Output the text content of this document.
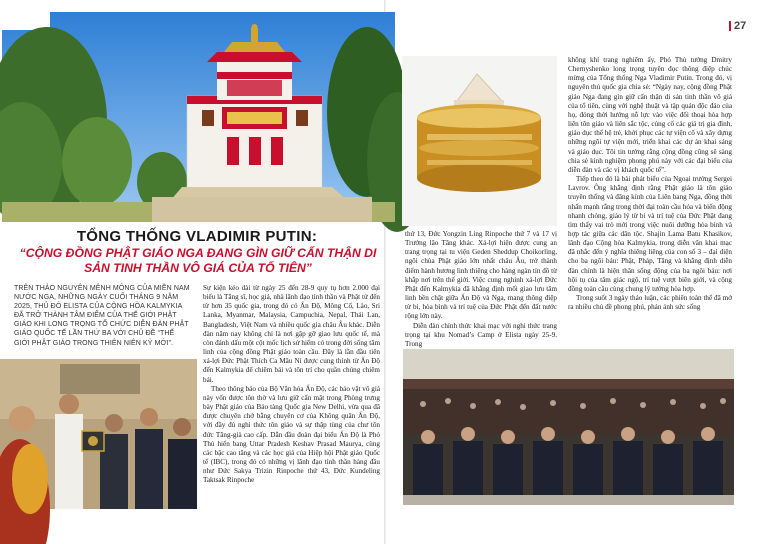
27
TỔNG THỐNG VLADIMIR PUTIN:
“CỘNG ĐỒNG PHẬT GIÁO NGA ĐANG GÌN GIỮ CẨN THẬN DI SẢN TINH THẦN VÔ GIÁ CỦA TỔ TIÊN”
TRÊN THẢO NGUYÊN MÊNH MÔNG CỦA MIỀN NAM NƯỚC NGA, NHỮNG NGÀY CUỐI THÁNG 9 NĂM 2025, THỦ ĐÔ ELISTA CỦA CỘNG HÒA KALMYKIA ĐÃ TRỞ THÀNH TÂM ĐIỂM CỦA THẾ GIỚI PHẬT GIÁO KHI LONG TRỌNG TỔ CHỨC DIỄN ĐÀN PHẬT GIÁO QUỐC TẾ LẦN THỨ BA VỚI CHỦ ĐỀ “THẾ GIỚI PHẬT GIÁO TRONG THIÊN NIÊN KỶ MỚI”.

Sự kiện kéo dài từ ngày 25 đến 28-9 quy tụ hơn 2.000 đại biểu là Tăng sĩ, học giả, nhà lãnh đạo tinh thần và Phật tử đến từ hơn 35 quốc gia, trong đó có Ấn Độ, Mông Cổ, Lào, Sri Lanka, Myanmar, Malaysia, Campuchia, Nepal, Thái Lan, Bangladesh, Việt Nam và nhiều quốc gia châu Âu khác. Diễn đàn năm nay không chỉ là nơi gặp gỡ giao lưu quốc tế, mà còn đánh dấu một cột mốc lịch sử hiếm có trong đời sống tâm linh của cộng đồng Phật giáo toàn cầu. Đây là lần đầu tiên xá-lợi Đức Phật Thích Ca Mâu Ni được cung thỉnh từ Ấn Độ đến Kalmykia để chiêm bái và tôn trí cho quần chúng chiêm bái.

Theo thông báo của Bộ Văn hóa Ấn Độ, các bảo vật vô giá này vốn được tôn thờ và lưu giữ cẩn mật trong Phòng trưng bày Phật giáo của Bảo tàng Quốc gia New Delhi, vừa qua đã được chuyên chở bằng chuyên cơ của Không quân Ấn Độ, với đầy đủ nghi thức tôn giáo và sự thập tùng của chư tôn đức Tăng-già cao cấp. Dẫn đầu đoàn đại biểu Ấn Độ là Phó Thủ hiến bang Uttar Pradesh Keshav Prasad Maurya, cùng các bậc cao tăng và các học giả của Hiệp hội Phật giáo Quốc tế (IBC), trong đó có những vị lãnh đạo tinh thần hàng đầu như Đức Sakya Trizin Rinpoche thứ 43, Đức Kundeling Taktsak Rinpoche

thứ 13, Đức Yongzin Ling Rinpoche thứ 7 và 17 vị Trưởng lão Tăng khác. Xá-lợi hiện được cung an trang trọng tại tu viện Geden Sheddup Choikorling, ngôi chùa Phật giáo lớn nhất châu Âu, trở thành điểm hành hương linh thiêng cho hàng ngàn tín đồ từ khắp nơi trên thế giới. Việc cung nghinh xá-lợi Đức Phật đến Kalmykia đã khẳng định mối giao lưu tâm linh bền chặt giữa Ấn Độ và Nga, mang thông điệp từ bi, hòa bình và trí tuệ của Đức Phật đến đất nước rộng lớn này.

Diễn đàn chính thức khai mạc với nghi thức trang trọng tại khu Nomad’s Camp ở Elista ngày 25-9. Trong

không khí trang nghiêm ấy, Phó Thủ tướng Dmitry Chernyshenko long trọng tuyên đọc thông điệp chúc mừng của Tổng thống Nga Vladimir Putin. Trong đó, vị nguyên thủ quốc gia chia sẻ: “Ngày nay, cộng đồng Phật giáo Nga đang gìn giữ cẩn thận di sản tinh thần vô giá của tổ tiên, cùng với nghệ thuật và tập quán độc đáo của họ, đóng thời hướng nỗ lực vào việc đối thoại hòa hợp liên tôn giáo và liên sắc tộc, củng cố các giá trị gia đình, giáo dục thế hệ trẻ, khởi phục các tự viện cổ và xây dựng những ngôi tự viện mới, triển khai các dự án khai sáng và giáo dục. Tôi tin tưởng rằng cộng đồng cũng sẽ sàng chia sẻ kinh nghiệm phong phú này với các đại biểu của diễn đàn và các vị khách quốc tế”.

Tiếp theo đó là bài phát biểu của Ngoại trưởng Sergei Lavrov. Ông khẳng định rằng Phật giáo là tôn giáo truyền thống và đăng kính của Liên bang Nga, đồng thời nhấn mạnh rằng trong thời đại toàn cầu hóa và biến động nhanh chóng, giáo lý từ bi và trí tuệ của Đức Phật đang tìm thấy vai trò mới trong việc nuôi dưỡng hòa bình và hợp tác giữa các dân tộc. Shajin Lama Batu Khasikov, lãnh đạo Cộng hòa Kalmykia, trong diễn văn khai mạc đã nhắc đến ý nghĩa thiêng liêng của con số 3 – đại diện cho ba ngôi báu: Phật, Pháp, Tăng và khẳng định diễn đàn chính là hiện thân sống động của ba ngôi báu: nơi hội tụ của tâm giác ngộ, trí tuệ vượt biên giới, và cộng đồng toàn cầu cùng chung lý tưởng hòa hợp.

Trong suốt 3 ngày thảo luận, các phiên toàn thể đã mở ra nhiều chủ đề phong phú, phản ánh sức sống
